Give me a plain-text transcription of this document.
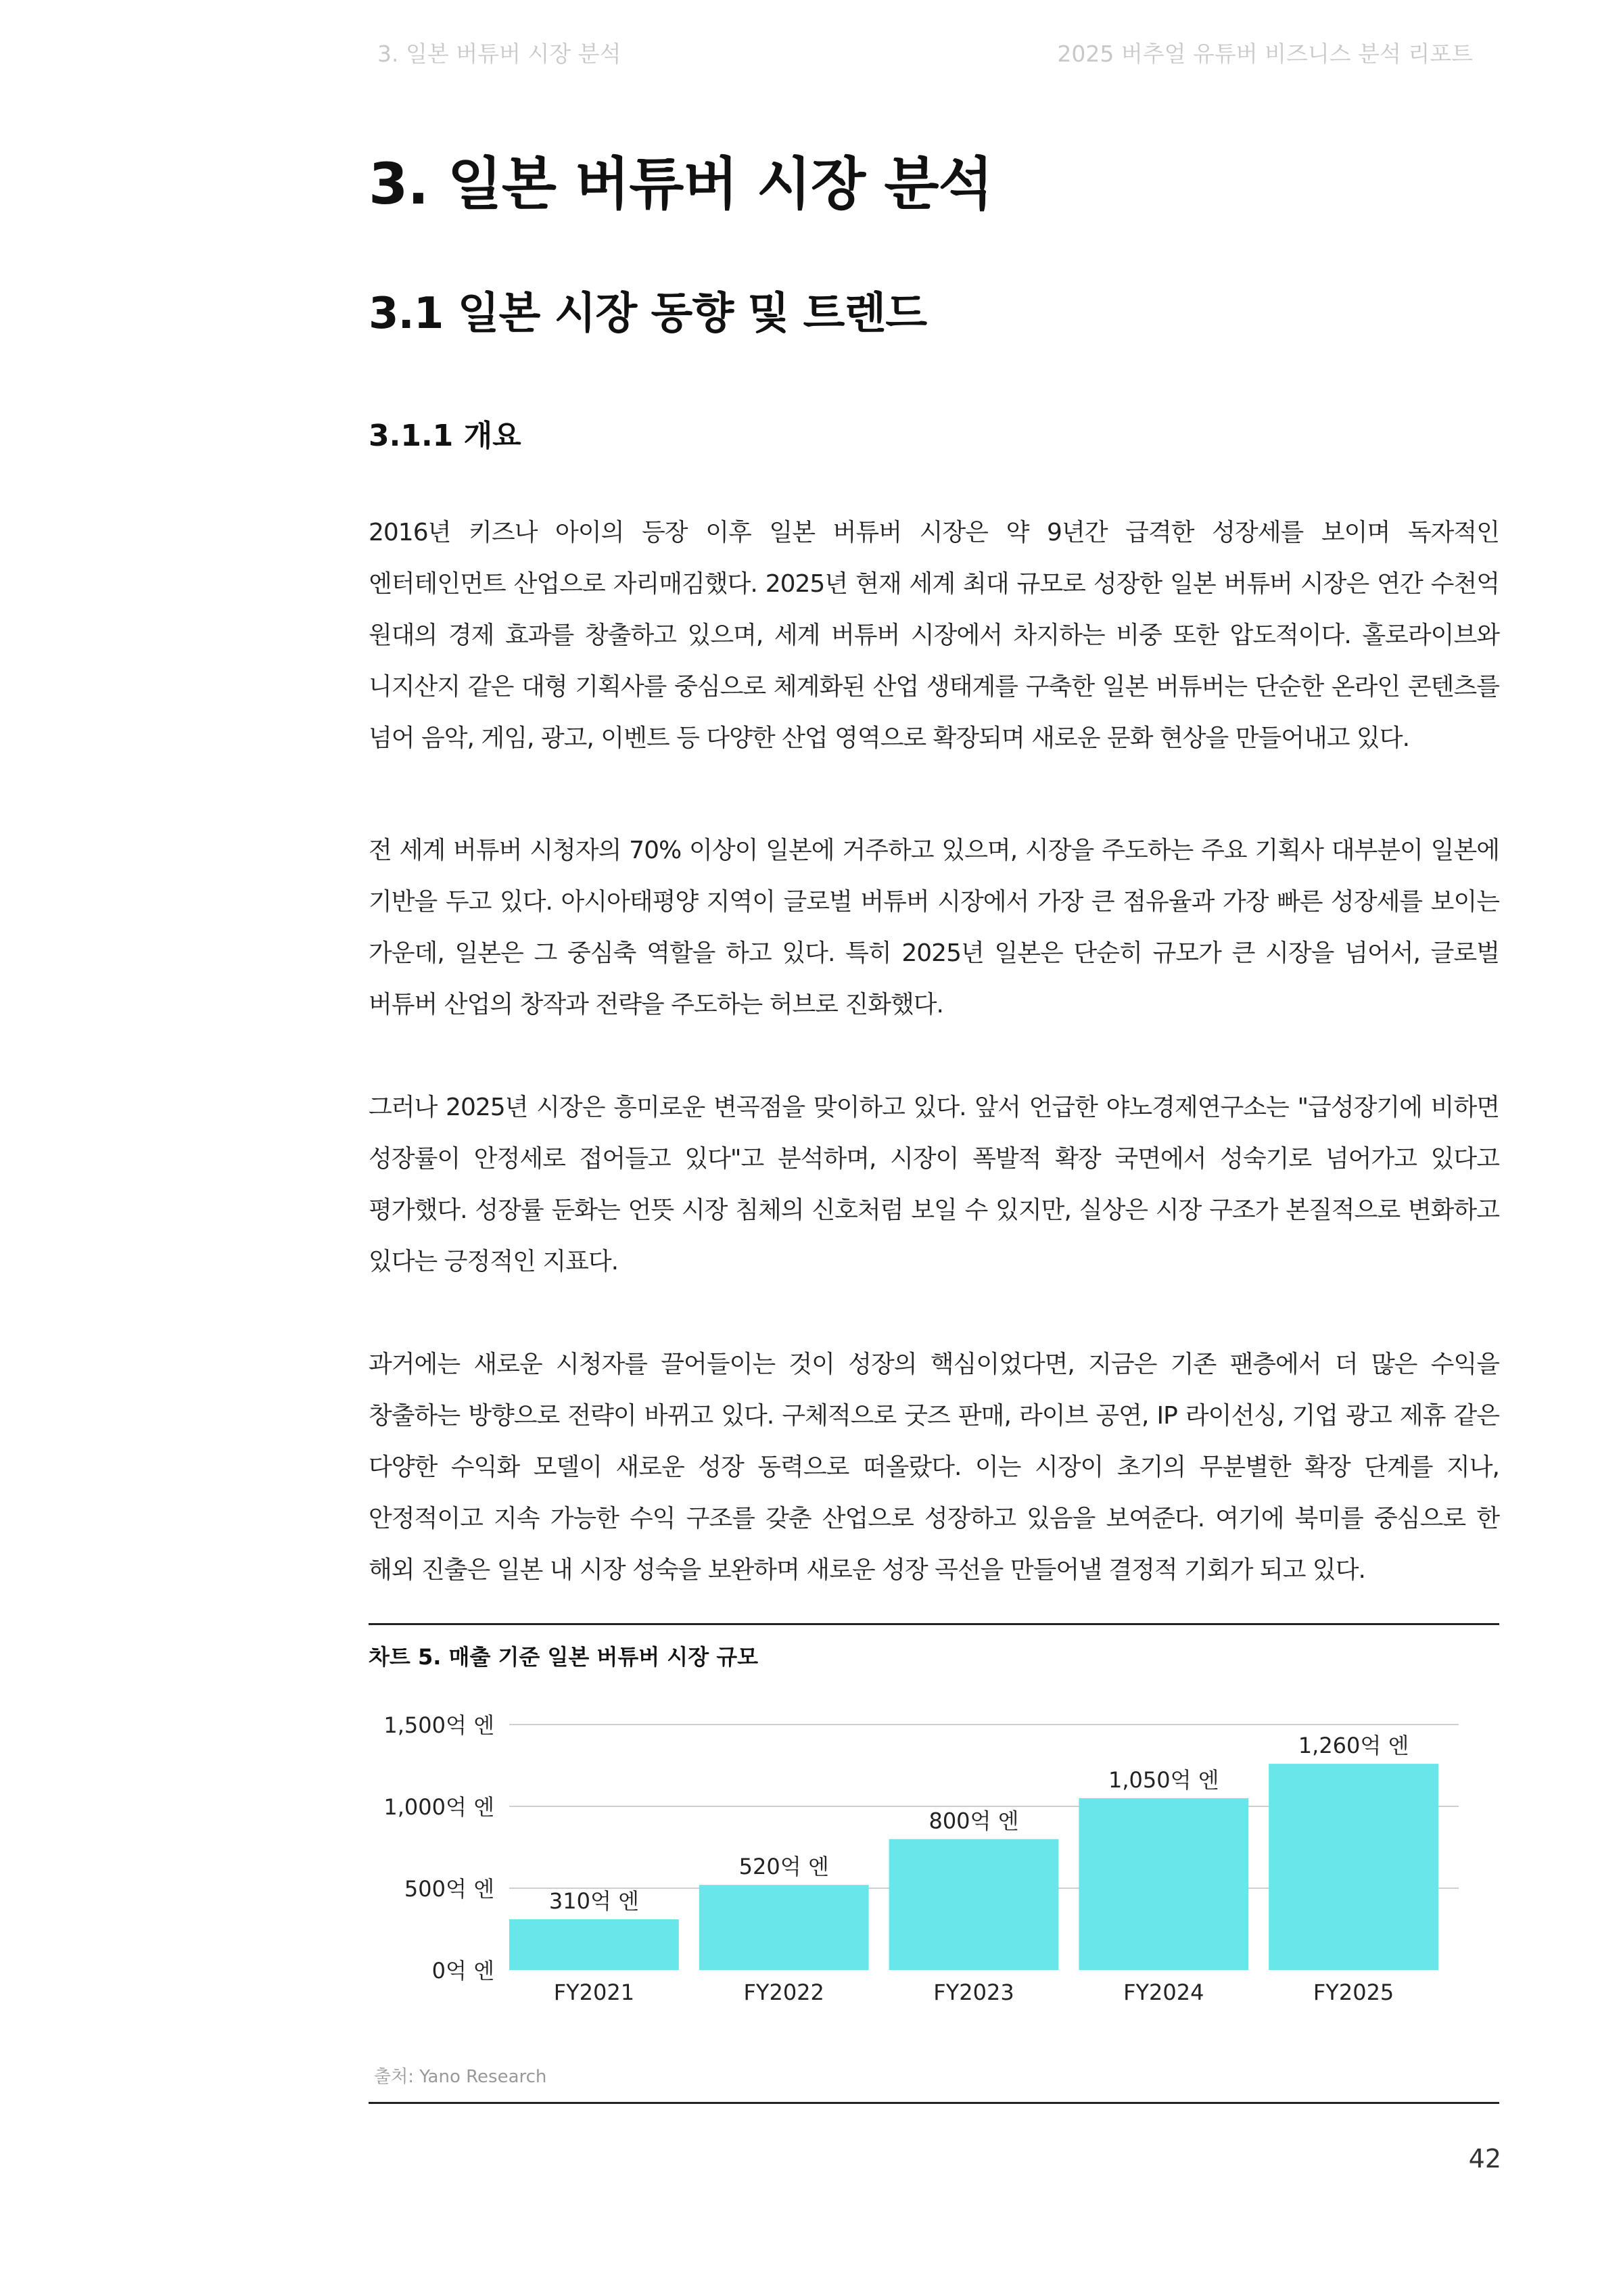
3. 일본 버튜버 시장 분석	2025 버추얼 유튜버 비즈니스 분석 리포트
3. 일본 버튜버 시장 분석
3.1 일본 시장 동향 및 트렌드
3.1.1 개요

2016년 키즈나 아이의 등장 이후 일본 버튜버 시장은 약 9년간 급격한 성장세를 보이며 독자적인 엔터테인먼트 산업으로 자리매김했다. 2025년 현재 세계 최대 규모로 성장한 일본 버튜버 시장은 연간 수천억 원대의 경제 효과를 창출하고 있으며, 세계 버튜버 시장에서 차지하는 비중 또한 압도적이다. 홀로라이브와 니지산지 같은 대형 기획사를 중심으로 체계화된 산업 생태계를 구축한 일본 버튜버는 단순한 온라인 콘텐츠를 넘어 음악, 게임, 광고, 이벤트 등 다양한 산업 영역으로 확장되며 새로운 문화 현상을 만들어내고 있다.

전 세계 버튜버 시청자의 70% 이상이 일본에 거주하고 있으며, 시장을 주도하는 주요 기획사 대부분이 일본에 기반을 두고 있다. 아시아태평양 지역이 글로벌 버튜버 시장에서 가장 큰 점유율과 가장 빠른 성장세를 보이는 가운데, 일본은 그 중심축 역할을 하고 있다. 특히 2025년 일본은 단순히 규모가 큰 시장을 넘어서, 글로벌 버튜버 산업의 창작과 전략을 주도하는 허브로 진화했다.

그러나 2025년 시장은 흥미로운 변곡점을 맞이하고 있다. 앞서 언급한 야노경제연구소는 "급성장기에 비하면 성장률이 안정세로 접어들고 있다"고 분석하며, 시장이 폭발적 확장 국면에서 성숙기로 넘어가고 있다고 평가했다. 성장률 둔화는 언뜻 시장 침체의 신호처럼 보일 수 있지만, 실상은 시장 구조가 본질적으로 변화하고 있다는 긍정적인 지표다.

과거에는 새로운 시청자를 끌어들이는 것이 성장의 핵심이었다면, 지금은 기존 팬층에서 더 많은 수익을 창출하는 방향으로 전략이 바뀌고 있다. 구체적으로 굿즈 판매, 라이브 공연, IP 라이선싱, 기업 광고 제휴 같은 다양한 수익화 모델이 새로운 성장 동력으로 떠올랐다. 이는 시장이 초기의 무분별한 확장 단계를 지나, 안정적이고 지속 가능한 수익 구조를 갖춘 산업으로 성장하고 있음을 보여준다. 여기에 북미를 중심으로 한 해외 진출은 일본 내 시장 성숙을 보완하며 새로운 성장 곡선을 만들어낼 결정적 기회가 되고 있다.

차트 5. 매출 기준 일본 버튜버 시장 규모
0억 엔
500억 엔
1,000억 엔
1,500억 엔
310억 엔
FY2021
520억 엔
FY2022
800억 엔
FY2023
1,050억 엔
FY2024
1,260억 엔
FY2025
출처: Yano Research
42
